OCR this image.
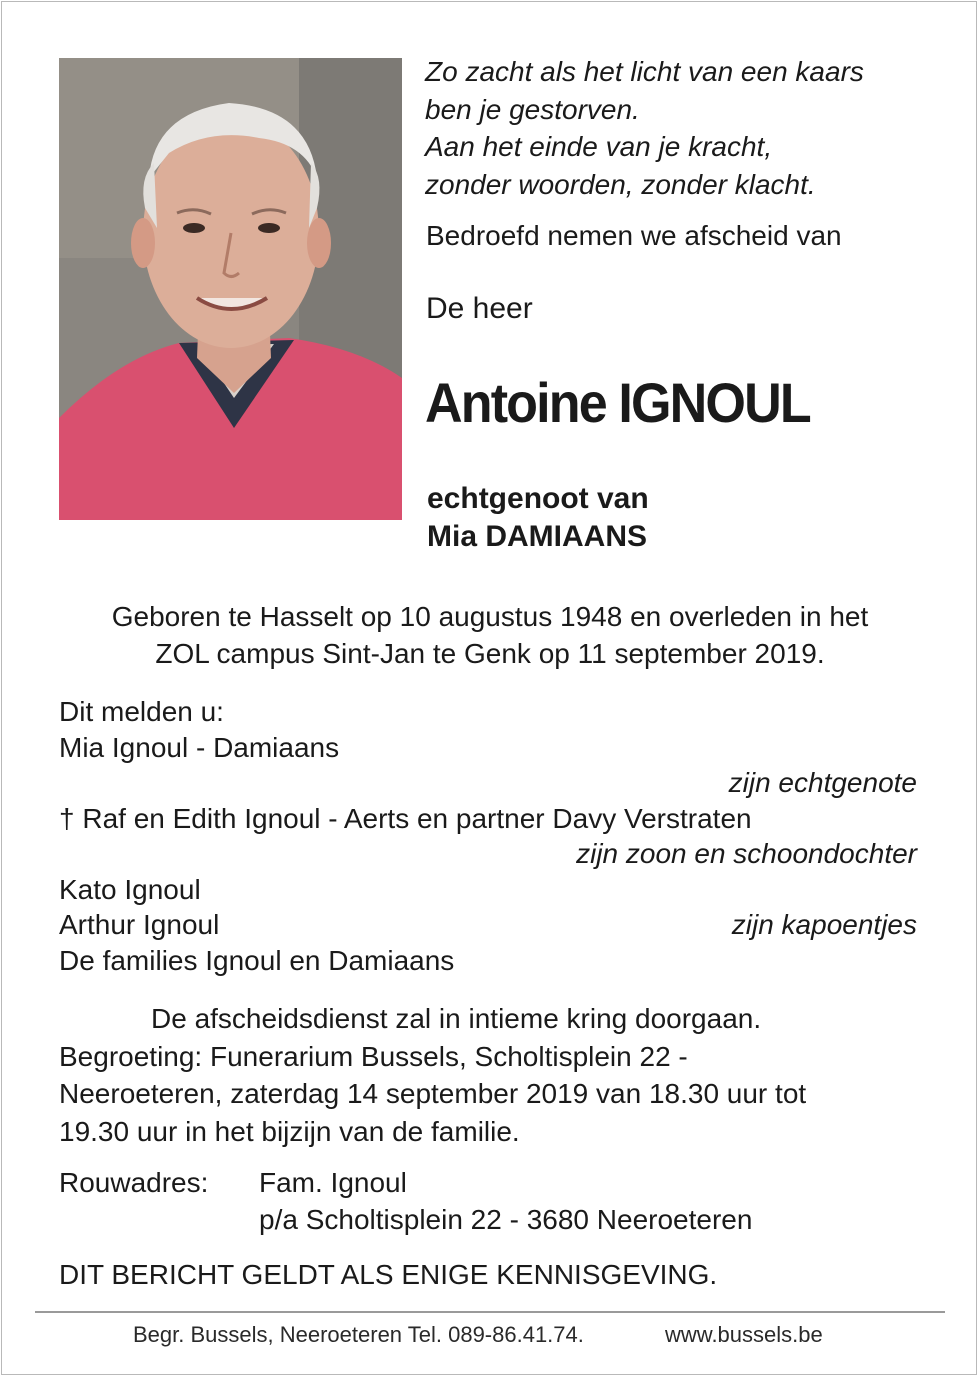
Zo zacht als het licht van een kaars
ben je gestorven.
Aan het einde van je kracht,
zonder woorden, zonder klacht.
Bedroefd nemen we afscheid van
De heer
Antoine IGNOUL
echtgenoot van
Mia DAMIAANS
Geboren te Hasselt op 10 augustus 1948 en overleden in het
ZOL campus Sint-Jan te Genk op 11 september 2019.
Dit melden u:
Mia Ignoul - Damiaans
zijn echtgenote
† Raf en Edith Ignoul - Aerts en partner Davy Verstraten
zijn zoon en schoondochter
Kato Ignoul
Arthur Ignoul	zijn kapoentjes
De families Ignoul en Damiaans
De afscheidsdienst zal in intieme kring doorgaan.
Begroeting: Funerarium Bussels, Scholtisplein 22 -
Neeroeteren, zaterdag 14 september 2019 van 18.30 uur tot
19.30 uur in het bijzijn van de familie.
Rouwadres: Fam. Ignoul
p/a Scholtisplein 22 - 3680 Neeroeteren
DIT BERICHT GELDT ALS ENIGE KENNISGEVING.
Begr. Bussels, Neeroeteren Tel. 089-86.41.74.	www.bussels.be
